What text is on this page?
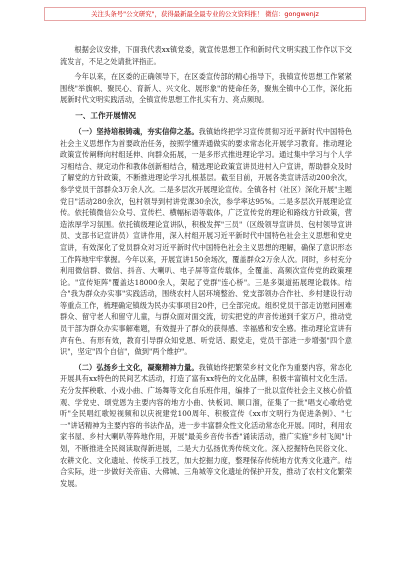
关注头条号"公文研究"，获得最新最全最专业的公文资料推！ 微信：gongwenjz

根据会议安排，下面我代表xx镇党委，就宣传思想工作和新时代文明实践工作作以下交流发言，不足之处请批评指正。

今年以来，在区委的正确领导下，在区委宣传部的精心指导下，我镇宣传思想工作紧紧围绕"举旗帜、聚民心、育新人、兴文化、展形象"的使命任务，聚焦全镇中心工作，深化拓展新时代文明实践活动，全镇宣传思想工作扎实有力、亮点频现。

一、工作开展情况

（一）坚持培根铸魂，夯实信仰之基。我镇始终把学习宣传贯彻习近平新时代中国特色社会主义思想作为首要政治任务，按照学懂弄通做实的要求常态化开展学习教育。推动理论政策宣传阐释向村组延伸、向群众拓展，一是多形式推进理论学习。通过集中学习与个人学习相结合、规定动作和教体创新相结合，精选理论政策宣讲员进村入户宣讲，帮助群众及时了解党的方针政策，不断推进理论学习扎根基层。截至目前，开展各类宣讲活动200余次，参学党员干部群众3万余人次。二是多层次开展理论宣传。全镇各村（社区）深化开展"主题党日"活动280余次，包村领导到村讲党课30余次，参学率达95%。二是多层次开展理论宣传。依托镇微信公众号、宣传栏、横幅标语等载体，广泛宣传党的理论和路线方针政策，营造浓厚学习氛围。依托镇级理论宣讲队，积极发挥"三员"（区级领导宣讲员、包村领导宣讲员、支部书记宣讲员）宣讲作用，深入村组开展习近平新时代中国特色社会主义思想和党史宣讲，有效深化了党员群众对习近平新时代中国特色社会主义思想的理解，确保了意识形态工作阵地牢牢掌握。今年以来，开展宣讲150余场次，覆盖群众2万余人次。同时，乡村充分利用微信群、微信、抖音、大喇叭、电子屏等宣传载体，全覆盖、高频次宣传党的政策理论。"宣传矩阵"覆盖达18000余人，架起了党群"连心桥"。三是多渠道拓展理论载体。结合"我为群众办实事"实践活动，围绕农村人居环境整治、党支部领办合作社、乡村建设行动等重点工作，梳理确定镇级为民办实事项目20件，已全部完成。组织党员干部走访慰问困难群众、留守老人和留守儿童，与群众面对面交流，切实把党的声音传递到千家万户，推动党员干部为群众办实事解难题，有效提升了群众的获得感、幸福感和安全感。推动理论宣讲有声有色、有形有效，教育引导群众知党恩、听党话、跟党走，党员干部进一步增强"四个意识"，坚定"四个自信"，做到"两个维护"。

（二）弘扬乡土文化，凝聚精神力量。我镇始终把繁荣乡村文化作为重要内容，常态化开展具有xx特色的民间艺术活动，打造了富有xx特色的文化品牌，积极丰富镇村文化生活。充分发挥秧歌、小戏小曲、广场舞等文化自乐班作用，编排了一批以宣传社会主义核心价值观、学党史、颂党恩为主要内容的地方小曲、快板词、顺口溜，征集了一批"唱支心歌给党听"全民唱红歌短视频和以庆祝建党100周年、积极宣传《xx市文明行为促进条例》、"七一"讲话精神为主要内容的书法作品，进一步丰富群众性文化活动常态化开展。同时，利用农家书屋、乡村大喇叭等阵地作用，开展"最美乡音传书香"诵读活动，推广实施"乡村飞阅"计划，不断推进全民阅读取得新进展，二是大力弘扬优秀传统文化。深入挖掘特色民俗文化、农耕文化、文化遗址、传统手工技艺，加大挖掘力度，整理保存传统地方优秀文化遗产。结合实际，进一步做好关帝庙、大佛城、三角城等文化遗址的保护开发，推动了农村文化繁荣发展。
